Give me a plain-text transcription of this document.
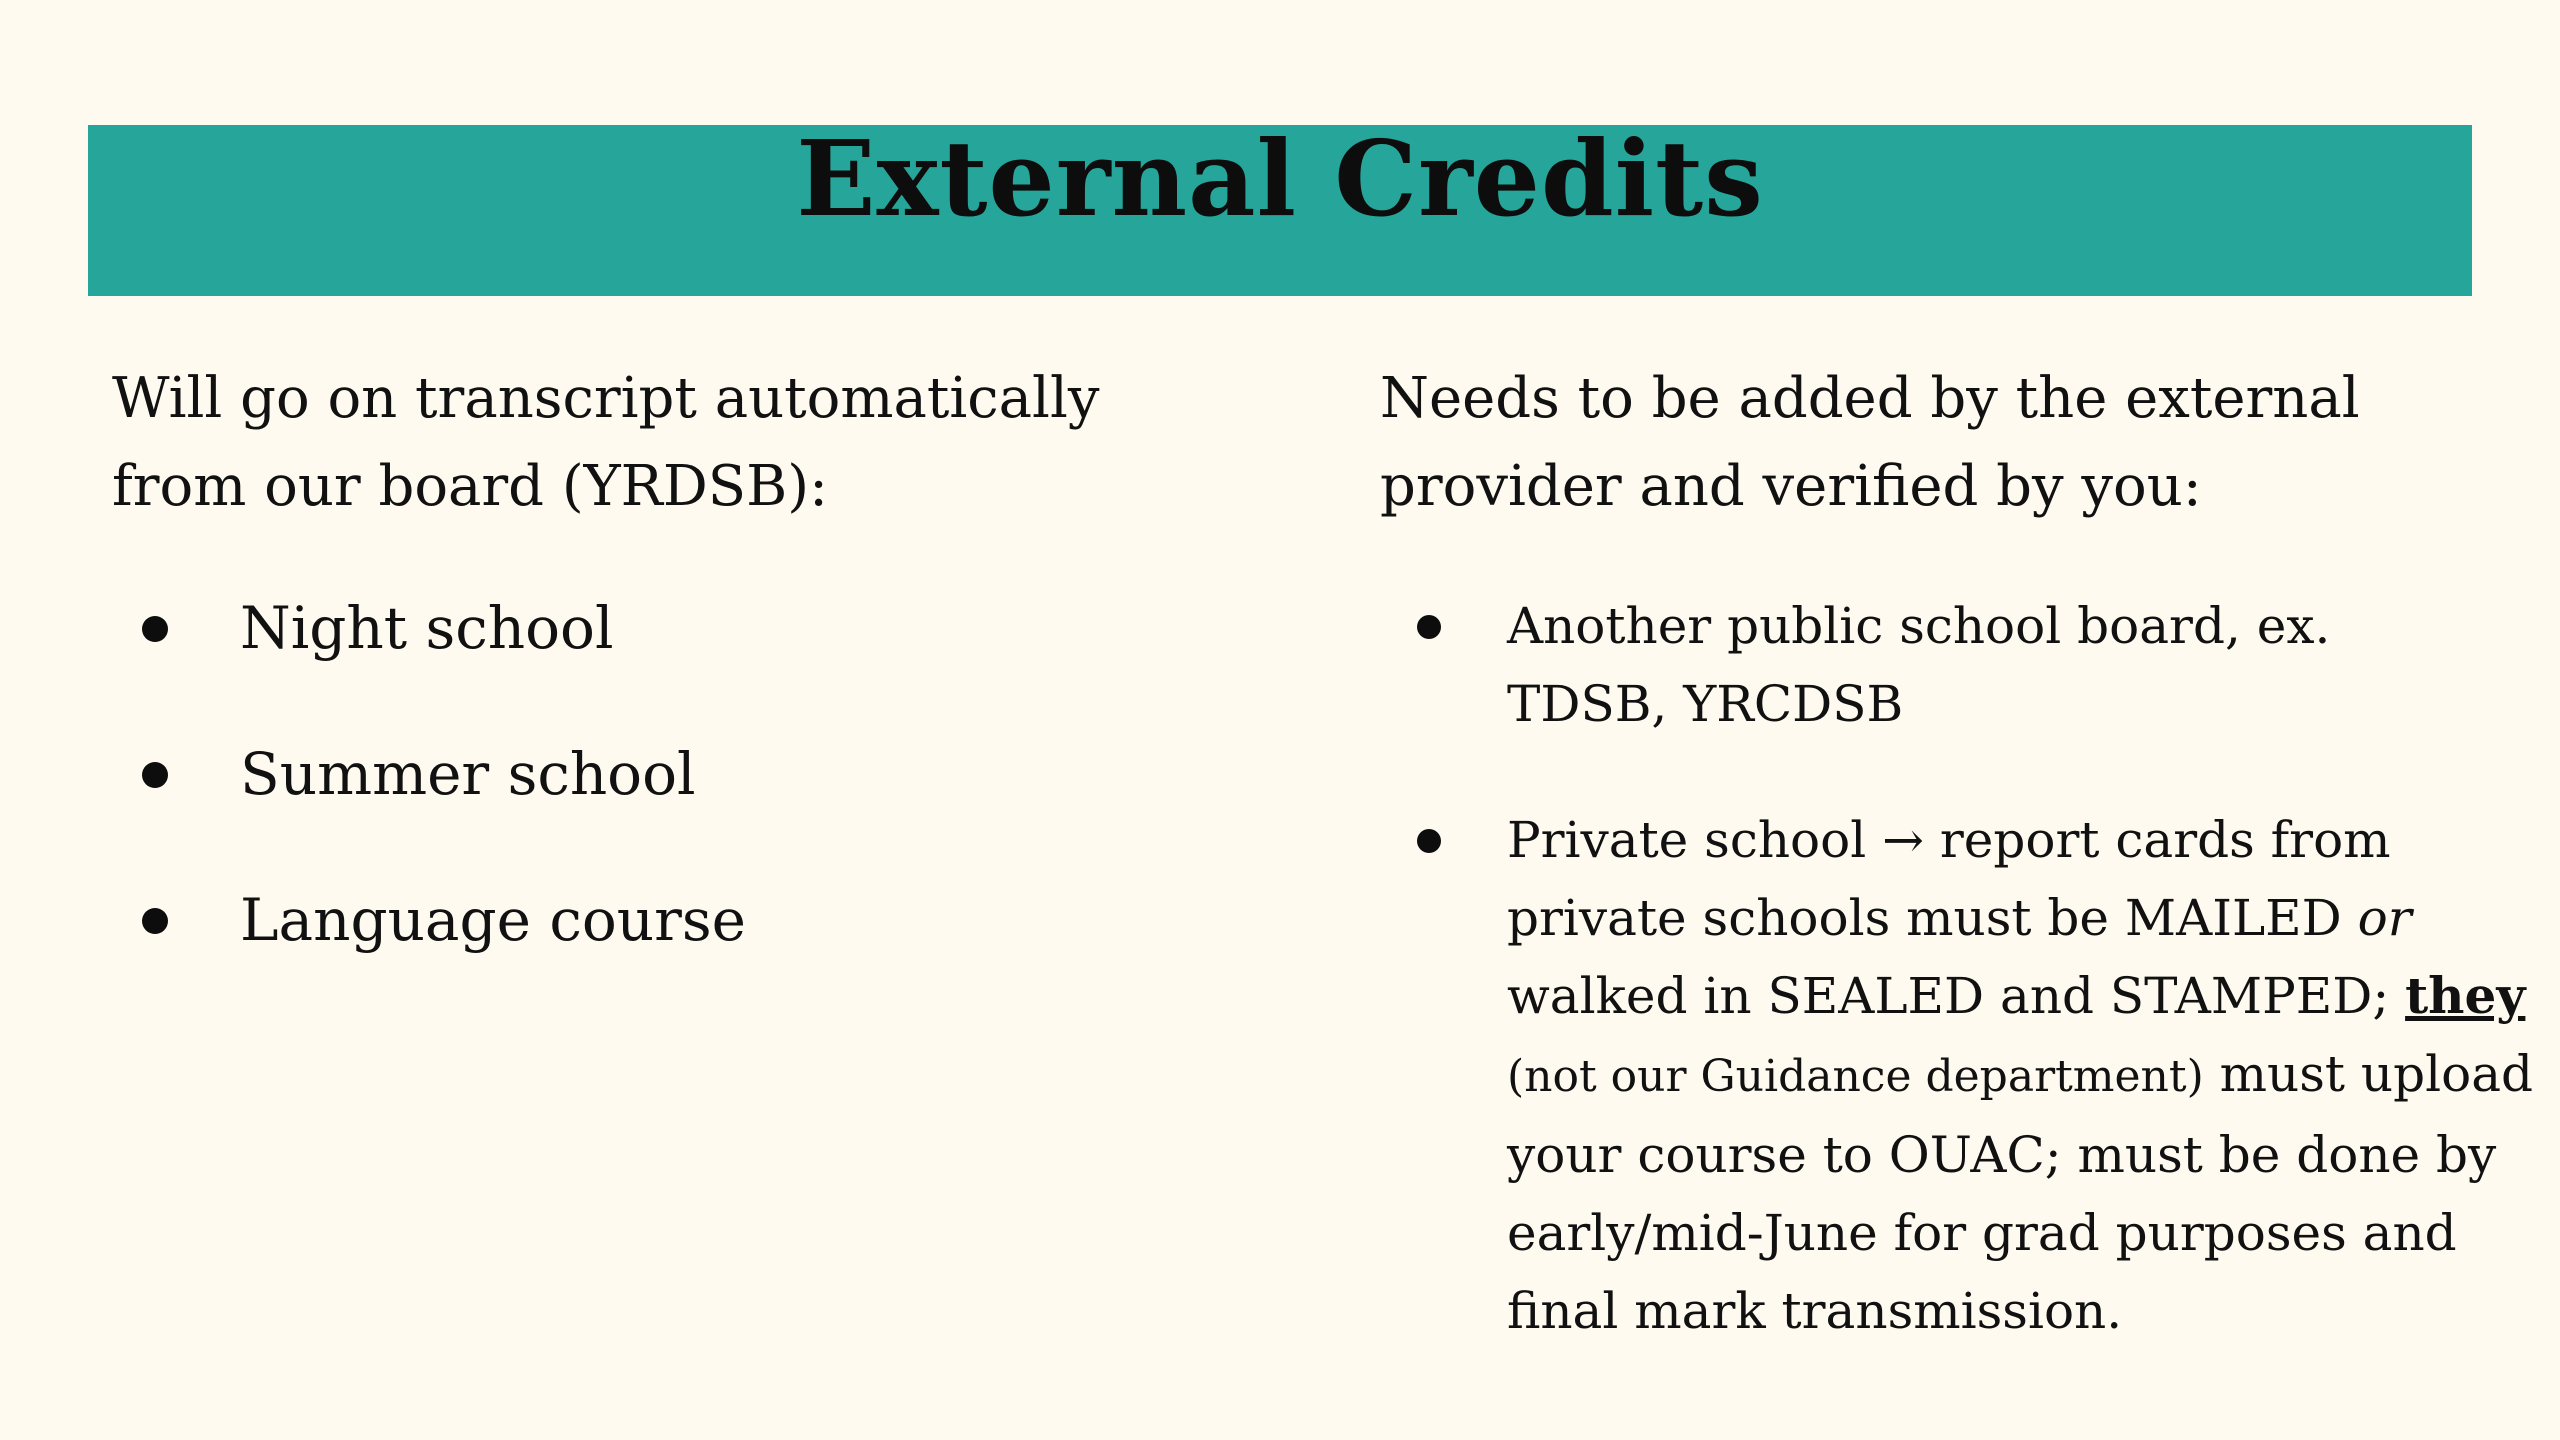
External Credits

Will go on transcript automatically
from our board (YRDSB):

Night school
Summer school
Language course

Needs to be added by the external
provider and verified by you:

Another public school board, ex.
TDSB, YRCDSB
Private school → report cards from private schools must be MAILED or walked in SEALED and STAMPED; they (not our Guidance department) must upload your course to OUAC; must be done by early/mid-June for grad purposes and final mark transmission.
